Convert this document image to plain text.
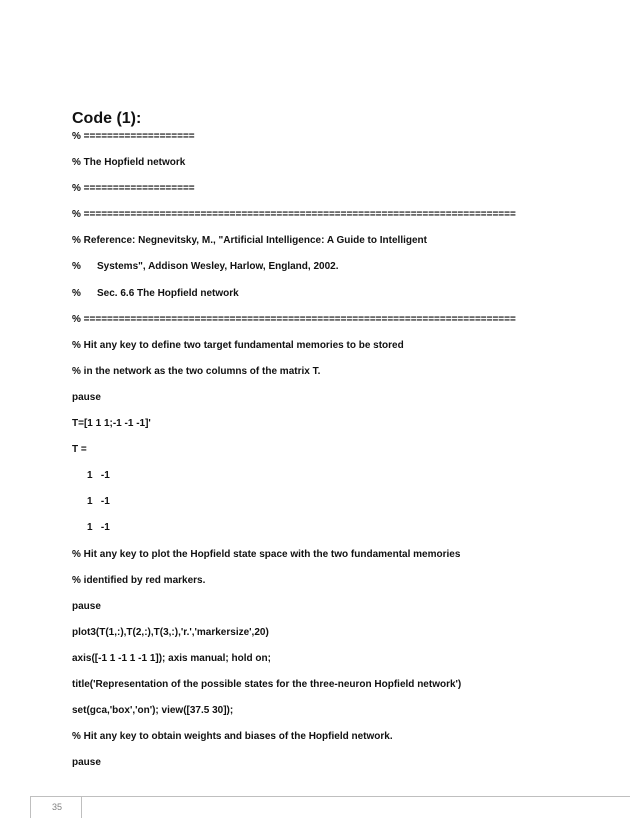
Code (1):
% ===================
% The Hopfield network
% ===================
% ==========================================================================
% Reference: Negnevitsky, M., "Artificial Intelligence: A Guide to Intelligent

%

Systems", Addison Wesley, Harlow, England, 2002.

%

Sec. 6.6 The Hopfield network

% ==========================================================================
% Hit any key to define two target fundamental memories to be stored
% in the network as the two columns of the matrix T.
pause
T=[1 1 1;-1 -1 -1]'
T =
1   -1
1   -1
1   -1
% Hit any key to plot the Hopfield state space with the two fundamental memories
% identified by red markers.
pause
plot3(T(1,:),T(2,:),T(3,:),'r.','markersize',20)
axis([-1 1 -1 1 -1 1]); axis manual; hold on;
title('Representation of the possible states for the three-neuron Hopfield network')
set(gca,'box','on'); view([37.5 30]);
% Hit any key to obtain weights and biases of the Hopfield network.
pause
35
